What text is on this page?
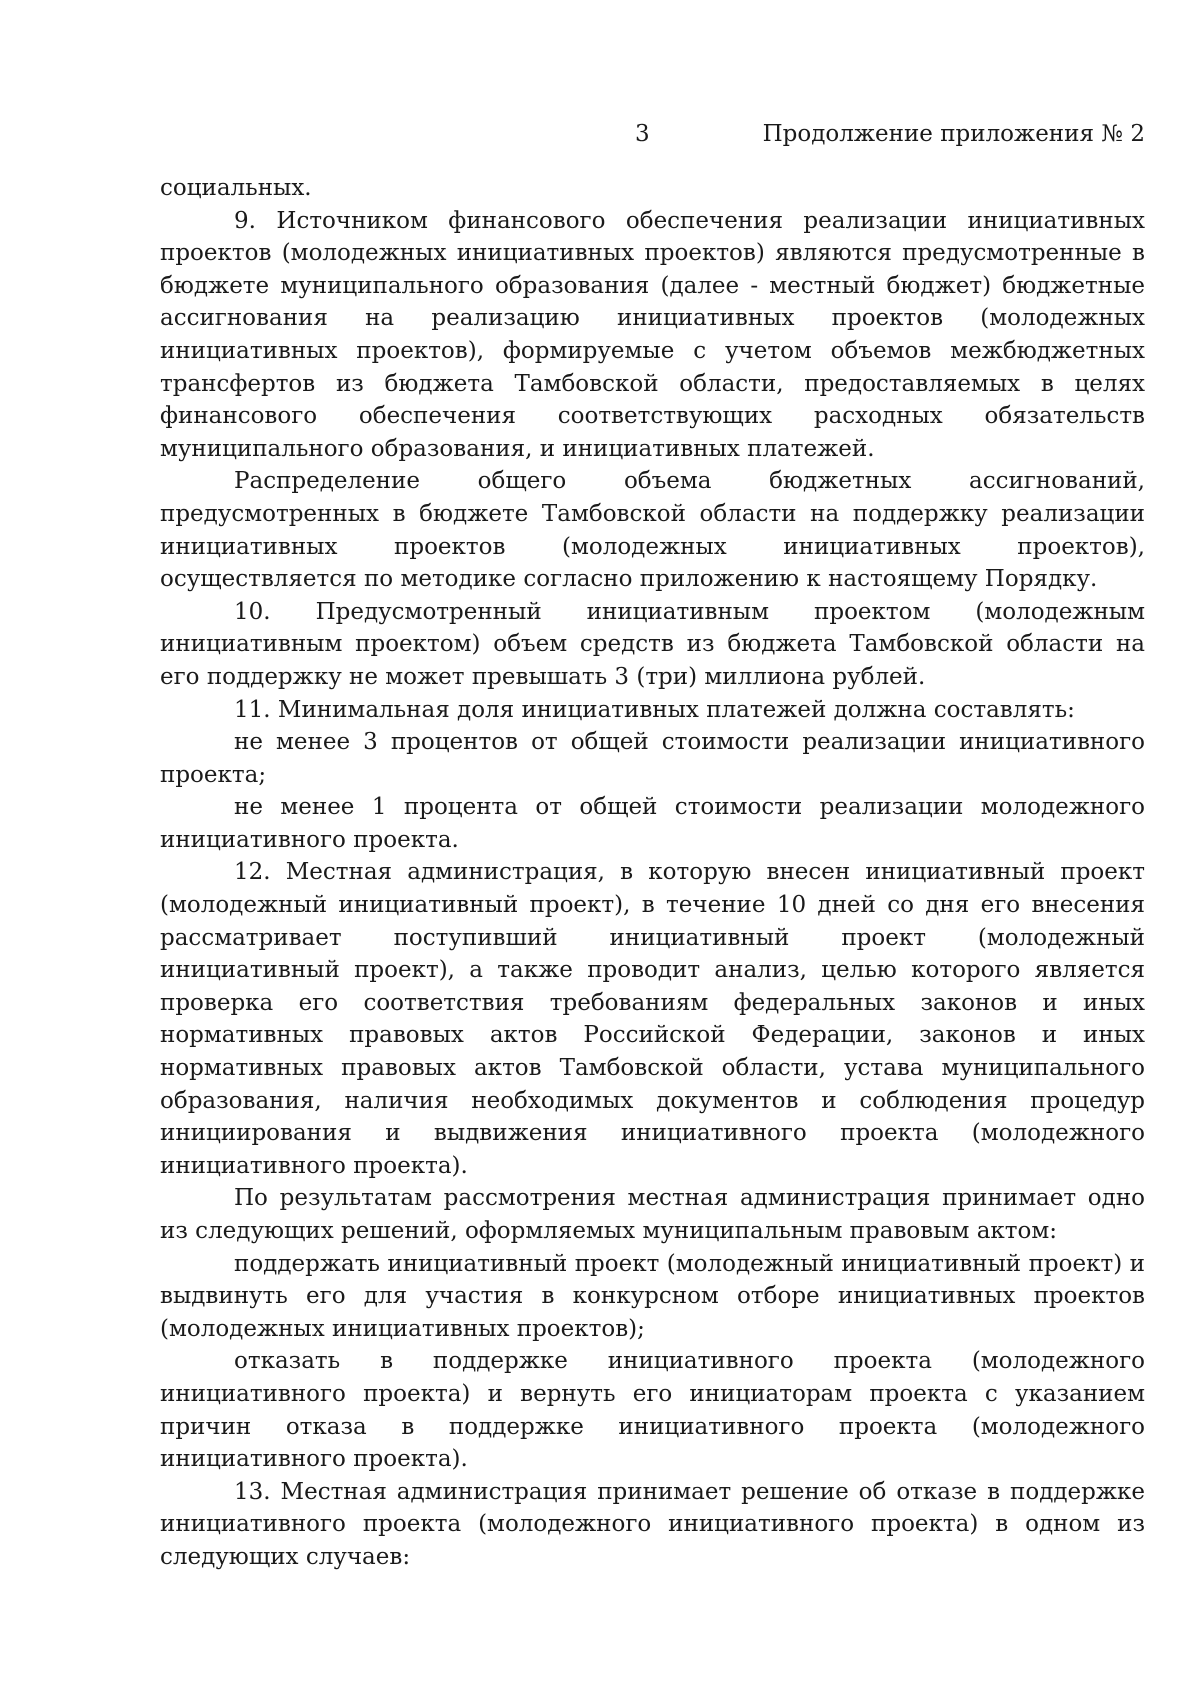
3	Продолжение приложения № 2

социальных.

9. Источником финансового обеспечения реализации инициативных проектов (молодежных инициативных проектов) являются предусмотренные в бюджете муниципального образования (далее - местный бюджет) бюджетные ассигнования на реализацию инициативных проектов (молодежных инициативных проектов), формируемые с учетом объемов межбюджетных трансфертов из бюджета Тамбовской области, предоставляемых в целях финансового обеспечения соответствующих расходных обязательств муниципального образования, и инициативных платежей.

Распределение общего объема бюджетных ассигнований, предусмотренных в бюджете Тамбовской области на поддержку реализации инициативных проектов (молодежных инициативных проектов), осуществляется по методике согласно приложению к настоящему Порядку.

10. Предусмотренный инициативным проектом (молодежным инициативным проектом) объем средств из бюджета Тамбовской области на его поддержку не может превышать 3 (три) миллиона рублей.

11. Минимальная доля инициативных платежей должна составлять:

не менее 3 процентов от общей стоимости реализации инициативного проекта;

не менее 1 процента от общей стоимости реализации молодежного инициативного проекта.

12. Местная администрация, в которую внесен инициативный проект (молодежный инициативный проект), в течение 10 дней со дня его внесения рассматривает поступивший инициативный проект (молодежный инициативный проект), а также проводит анализ, целью которого является проверка его соответствия требованиям федеральных законов и иных нормативных правовых актов Российской Федерации, законов и иных нормативных правовых актов Тамбовской области, устава муниципального образования, наличия необходимых документов и соблюдения процедур инициирования и выдвижения инициативного проекта (молодежного инициативного проекта).

По результатам рассмотрения местная администрация принимает одно из следующих решений, оформляемых муниципальным правовым актом:

поддержать инициативный проект (молодежный инициативный проект) и выдвинуть его для участия в конкурсном отборе инициативных проектов (молодежных инициативных проектов);

отказать в поддержке инициативного проекта (молодежного инициативного проекта) и вернуть его инициаторам проекта с указанием причин отказа в поддержке инициативного проекта (молодежного инициативного проекта).

13. Местная администрация принимает решение об отказе в поддержке инициативного проекта (молодежного инициативного проекта) в одном из следующих случаев:
